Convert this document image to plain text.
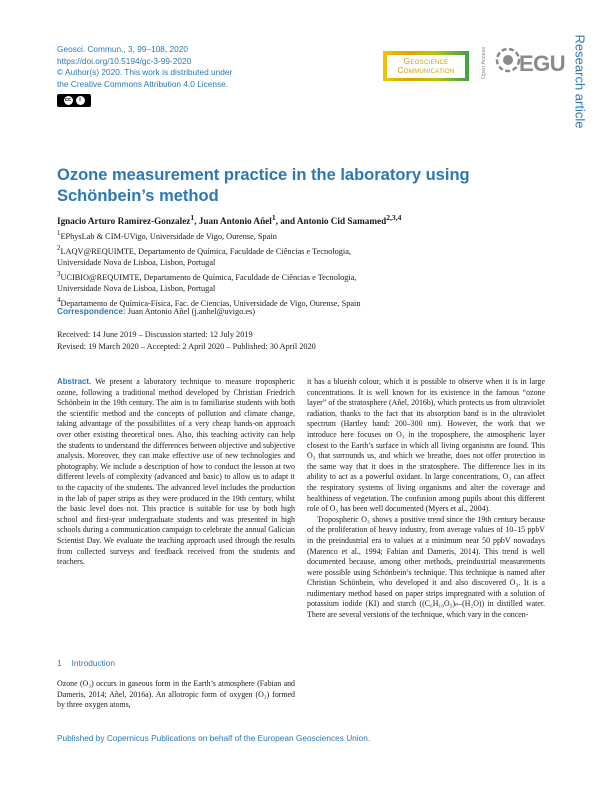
Geosci. Commun., 3, 99–108, 2020
https://doi.org/10.5194/gc-3-99-2020
© Author(s) 2020. This work is distributed under
the Creative Commons Attribution 4.0 License.
cc	i
Geoscience
Communication	Open Access EGU Research article
Ozone measurement practice in the laboratory using Schönbein’s method
Ignacio Arturo Ramírez-Gonzalez$^1$, Juan Antonio Añel$^1$, and Antonio Cid Samamed$^{2,3,4}$
$^1$EPhysLab & CIM-UVigo, Universidade de Vigo, Ourense, Spain
$^2$LAQV@REQUIMTE, Departamento de Química, Faculdade de Ciências e Tecnologia,
Universidade Nova de Lisboa, Lisbon, Portugal
$^3$UCIBIO@REQUIMTE, Departamento de Química, Faculdade de Ciências e Tecnologia,
Universidade Nova de Lisboa, Lisbon, Portugal
$^4$Departamento de Química-Física, Fac. de Ciencias, Universidade de Vigo, Ourense, Spain
Correspondence: Juan Antonio Añel (j.anhel@uvigo.es)
Received: 14 June 2019 – Discussion started: 12 July 2019
Revised: 19 March 2020 – Accepted: 2 April 2020 – Published: 30 April 2020

Abstract. We present a laboratory technique to measure tropospheric ozone, following a traditional method developed by Christian Friedrich Schönbein in the 19th century. The aim is to familiarise students with both the scientific method and the concepts of pollution and climate change, taking advantage of the possibilities of a very cheap hands-on approach over other existing theoretical ones. Also, this teaching activity can help the students to understand the differences between objective and subjective analysis. Moreover, they can make effective use of new technologies and photography. We include a description of how to conduct the lesson at two different levels of complexity (advanced and basic) to allow us to adapt it to the capacity of the students. The advanced level includes the production in the lab of paper strips as they were produced in the 19th century, whilst the basic level does not. This practice is suitable for use by both high school and first-year undergraduate students and was presented in high schools during a communication campaign to celebrate the annual Galician Scientist Day. We evaluate the teaching approach used through the results from collected surveys and feedback received from the students and teachers.

1 Introduction
Ozone (O₃) occurs in gaseous form in the Earth’s atmosphere (Fabian and Dameris, 2014; Añel, 2016a). An allotropic form of oxygen (O₂) formed by three oxygen atoms,

it has a blueish colour, which it is possible to observe when it is in large concentrations. It is well known for its existence in the famous “ozone layer” of the stratosphere (Añel, 2016b), which protects us from ultraviolet radiation, thanks to the fact that its absorption band is in the ultraviolet spectrum (Hartley band: 200–300 nm). However, the work that we introduce here focuses on O₃ in the troposphere, the atmospheric layer closest to the Earth’s surface in which all living organisms are found. This O₃ that surrounds us, and which we breathe, does not offer protection in the same way that it does in the stratosphere. The difference lies in its ability to act as a powerful oxidant. In large concentrations, O₃ can affect the respiratory systems of living organisms and alter the coverage and healthiness of vegetation. The confusion among pupils about this different role of O₃ has been well documented (Myers et al., 2004).

Tropospheric O₃ shows a positive trend since the 19th century because of the proliferation of heavy industry, from average values of 10–15 ppbV in the preindustrial era to values at a minimum near 50 ppbV nowadays (Marenco et al., 1994; Fabian and Dameris, 2014). This trend is well documented because, among other methods, preindustrial measurements were possible using Schönbein’s technique. This technique is named after Christian Schönbein, who developed it and also discovered O₃. It is a rudimentary method based on paper strips impregnated with a solution of potassium iodide (KI) and starch ((C₆H₁₀O₅)ₙ–(H₂O)) in distilled water. There are several versions of the technique, which vary in the concen-

Published by Copernicus Publications on behalf of the European Geosciences Union.
